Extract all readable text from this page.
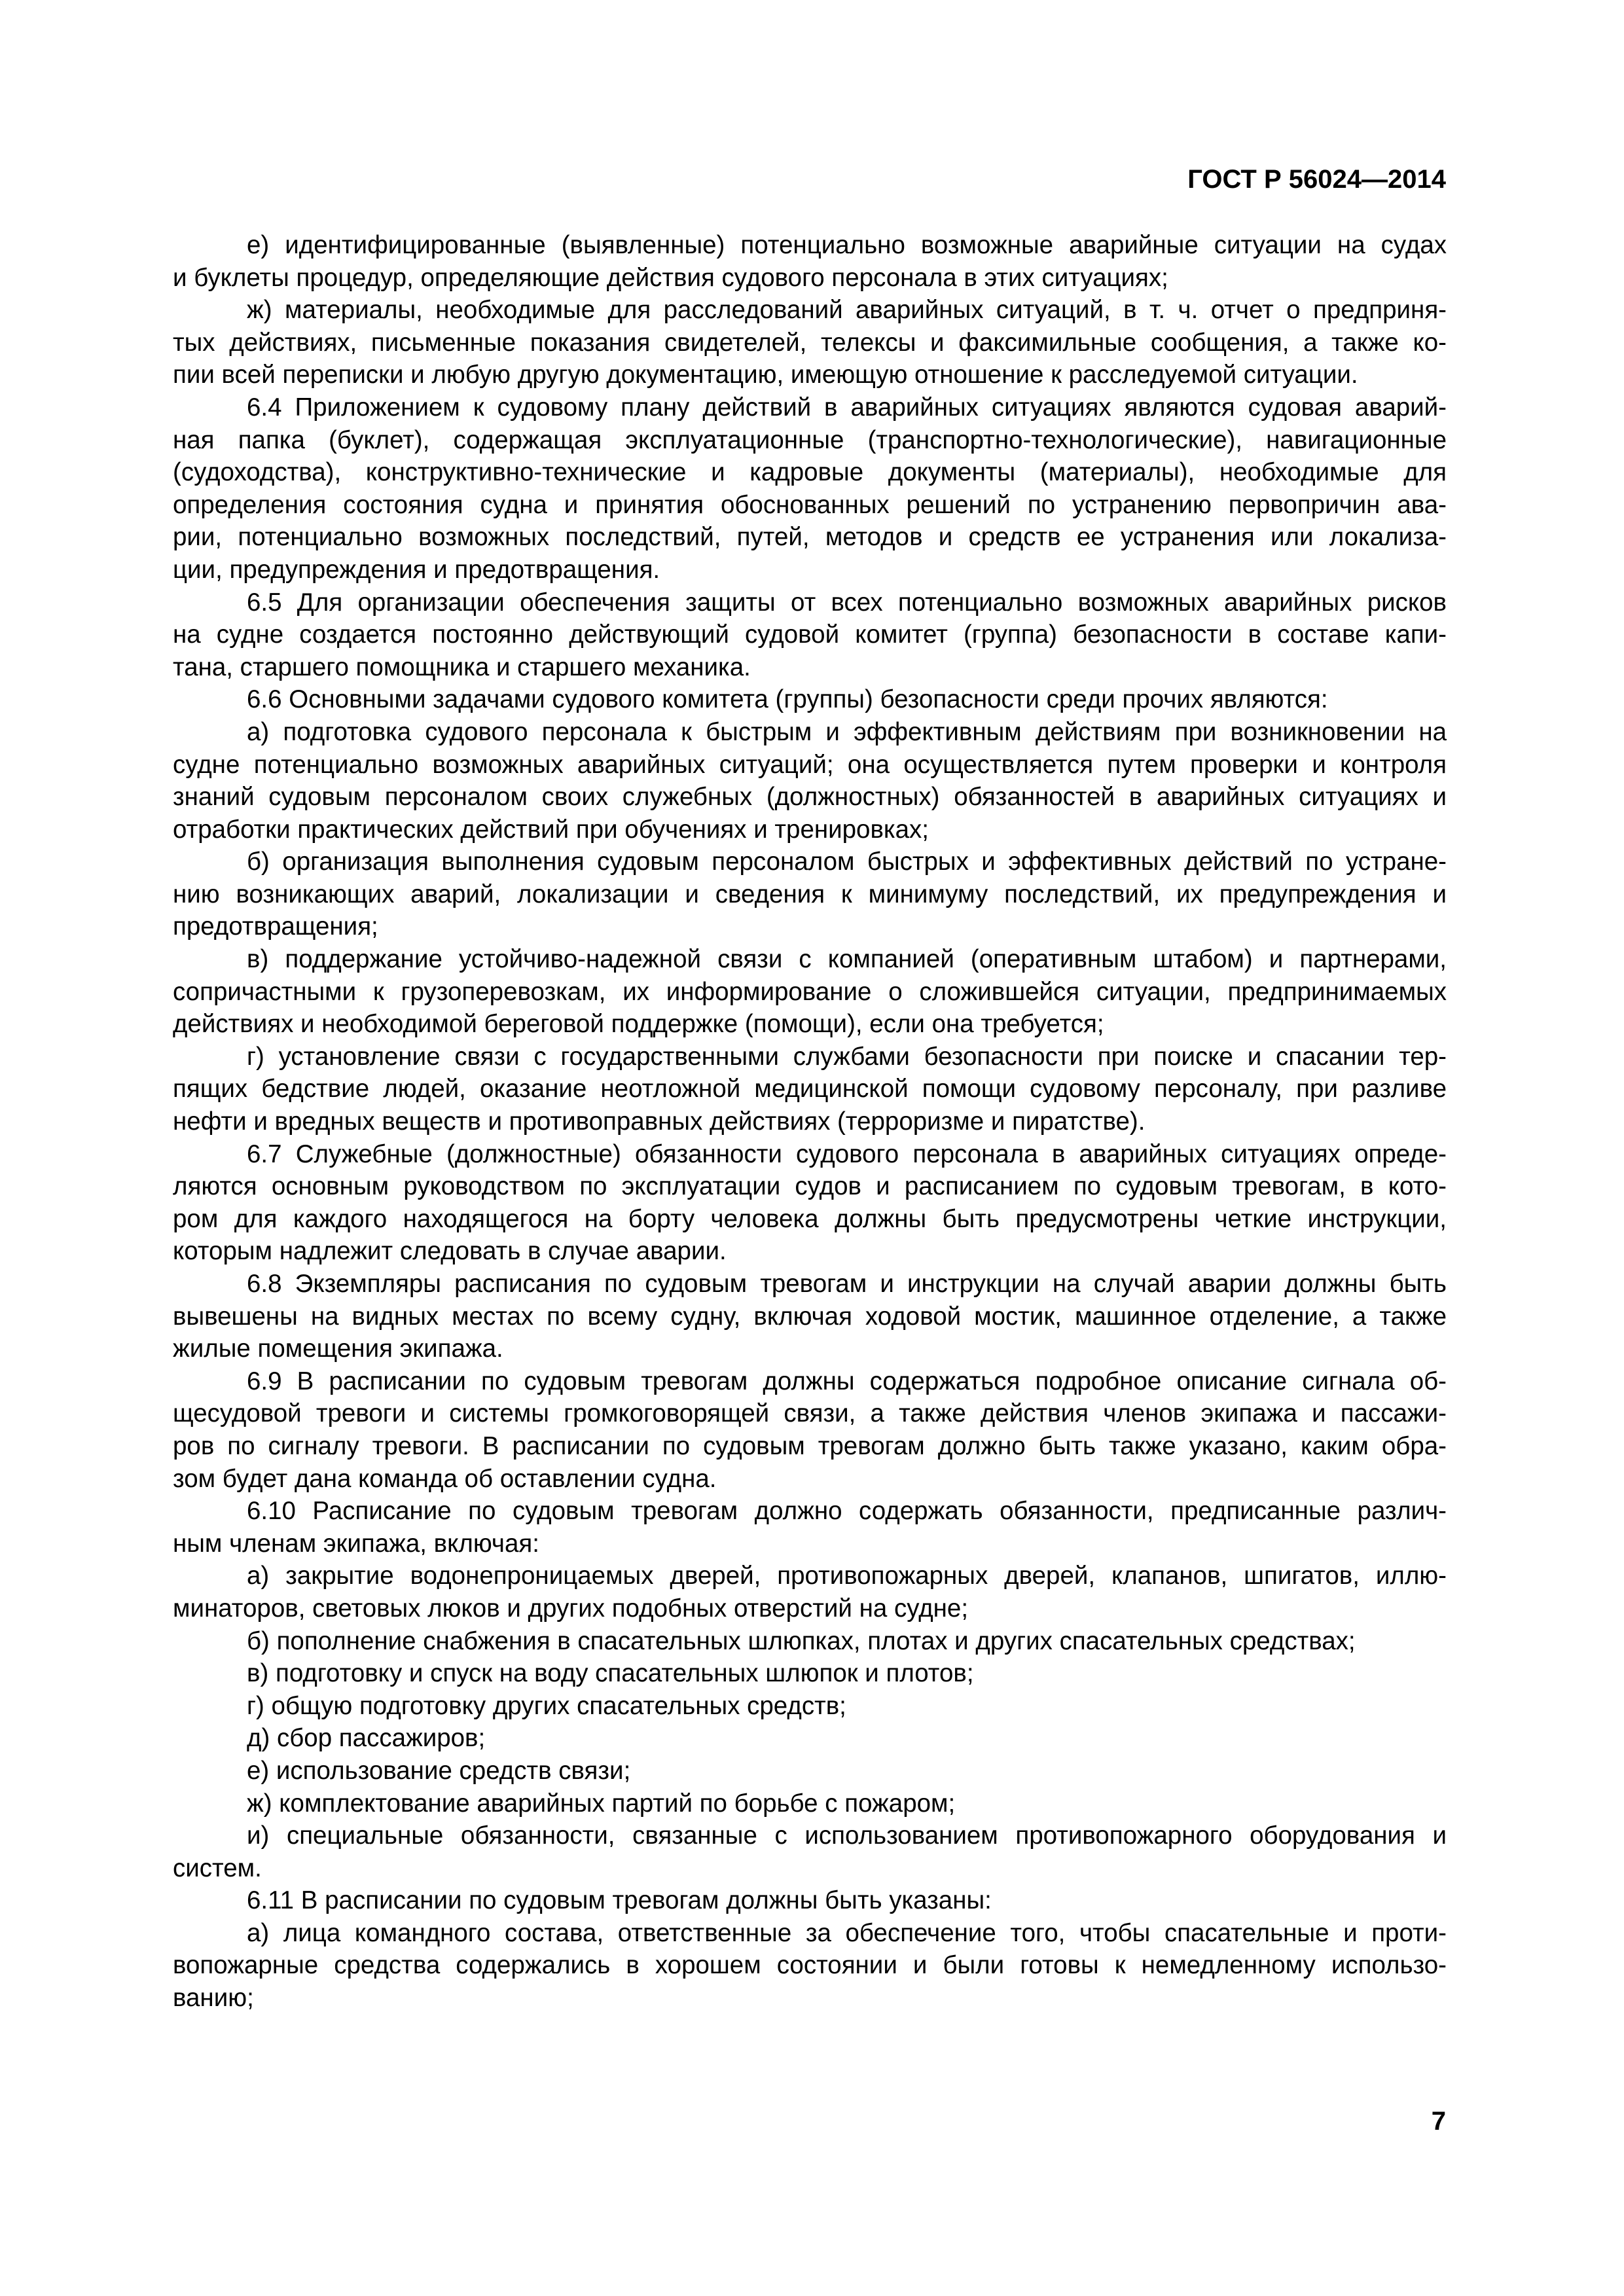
ГОСТ Р 56024—2014
е) идентифицированные (выявленные) потенциально возможные аварийные ситуации на судах
и буклеты процедур, определяющие действия судового персонала в этих ситуациях;
ж) материалы, необходимые для расследований аварийных ситуаций, в т. ч. отчет о предприня-
тых действиях, письменные показания свидетелей, телексы и факсимильные сообщения, а также ко-
пии всей переписки и любую другую документацию, имеющую отношение к расследуемой ситуации.
6.4 Приложением к судовому плану действий в аварийных ситуациях являются судовая аварий-
ная папка (буклет), содержащая эксплуатационные (транспортно-технологические), навигационные
(судоходства), конструктивно-технические и кадровые документы (материалы), необходимые для
определения состояния судна и принятия обоснованных решений по устранению первопричин ава-
рии, потенциально возможных последствий, путей, методов и средств ее устранения или локализа-
ции, предупреждения и предотвращения.
6.5 Для организации обеспечения защиты от всех потенциально возможных аварийных рисков
на судне создается постоянно действующий судовой комитет (группа) безопасности в составе капи-
тана, старшего помощника и старшего механика.
6.6 Основными задачами судового комитета (группы) безопасности среди прочих являются:
а) подготовка судового персонала к быстрым и эффективным действиям при возникновении на
судне потенциально возможных аварийных ситуаций; она осуществляется путем проверки и контроля
знаний судовым персоналом своих служебных (должностных) обязанностей в аварийных ситуациях и
отработки практических действий при обучениях и тренировках;
б) организация выполнения судовым персоналом быстрых и эффективных действий по устране-
нию возникающих аварий, локализации и сведения к минимуму последствий, их предупреждения и
предотвращения;
в) поддержание устойчиво-надежной связи с компанией (оперативным штабом) и партнерами,
сопричастными к грузоперевозкам, их информирование о сложившейся ситуации, предпринимаемых
действиях и необходимой береговой поддержке (помощи), если она требуется;
г) установление связи с государственными службами безопасности при поиске и спасании тер-
пящих бедствие людей, оказание неотложной медицинской помощи судовому персоналу, при разливе
нефти и вредных веществ и противоправных действиях (терроризме и пиратстве).
6.7 Служебные (должностные) обязанности судового персонала в аварийных ситуациях опреде-
ляются основным руководством по эксплуатации судов и расписанием по судовым тревогам, в кото-
ром для каждого находящегося на борту человека должны быть предусмотрены четкие инструкции,
которым надлежит следовать в случае аварии.
6.8 Экземпляры расписания по судовым тревогам и инструкции на случай аварии должны быть
вывешены на видных местах по всему судну, включая ходовой мостик, машинное отделение, а также
жилые помещения экипажа.
6.9 В расписании по судовым тревогам должны содержаться подробное описание сигнала об-
щесудовой тревоги и системы громкоговорящей связи, а также действия членов экипажа и пассажи-
ров по сигналу тревоги. В расписании по судовым тревогам должно быть также указано, каким обра-
зом будет дана команда об оставлении судна.
6.10 Расписание по судовым тревогам должно содержать обязанности, предписанные различ-
ным членам экипажа, включая:
а) закрытие водонепроницаемых дверей, противопожарных дверей, клапанов, шпигатов, иллю-
минаторов, световых люков и других подобных отверстий на судне;
б) пополнение снабжения в спасательных шлюпках, плотах и других спасательных средствах;
в) подготовку и спуск на воду спасательных шлюпок и плотов;
г) общую подготовку других спасательных средств;
д) сбор пассажиров;
е) использование средств связи;
ж) комплектование аварийных партий по борьбе с пожаром;
и) специальные обязанности, связанные с использованием противопожарного оборудования и
систем.
6.11 В расписании по судовым тревогам должны быть указаны:
а) лица командного состава, ответственные за обеспечение того, чтобы спасательные и проти-
вопожарные средства содержались в хорошем состоянии и были готовы к немедленному использо-
ванию;
7
